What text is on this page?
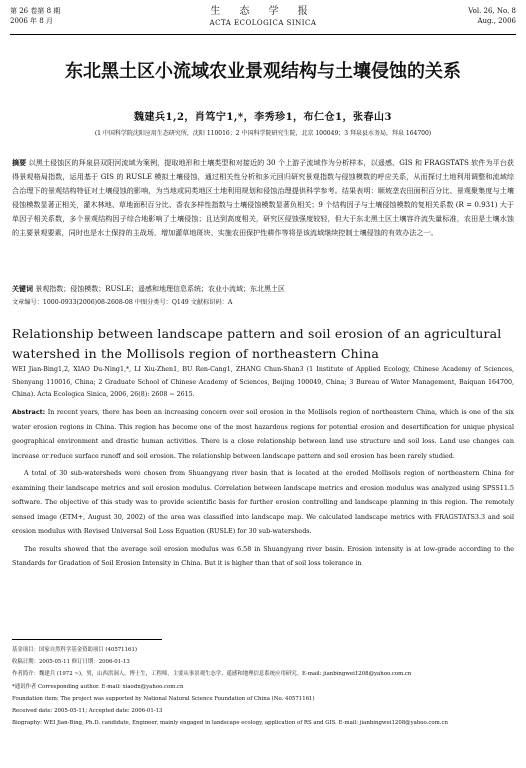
第 26 卷第 8 期
2006 年 8 月
生 态 学 报
ACTA ECOLOGICA SINICA
Vol. 26, No. 8
Aug., 2006
东北黑土区小流域农业景观结构与土壤侵蚀的关系
魏建兵1,2，肖笃宁1,*，李秀珍1，布仁仓1，张春山3
(1 中国科学院沈阳应用生态研究所，沈阳 110016；2 中国科学院研究生院，北京 100049；3 拜泉县水务局，拜泉 164700)
摘要 以黑土侵蚀区的拜泉县双阳河流域为案例，提取地形和土壤类型和对接近的 30 个上游子流域作为分析样本，以遥感、GIS 和 FRAGSTATS 软件为平台获得景观格局指数，运用基于 GIS 的 RUSLE 模拟土壤侵蚀，通过相关性分析和多元回归研究景观指数与侵蚀模数的呼应关系，从而探讨土地利用调整和流域综合治理下的景观结构特征对土壤侵蚀的影响，为当地或同类地区土地利用规划和侵蚀治理提供科学参考。结果表明：顺坡垄农田面积百分比、景观聚集度与土壤侵蚀模数显著正相关，灌木林地、草地面积百分比、香农多样性指数与土壤侵蚀模数显著负相关；9 个结构因子与土壤侵蚀模数的复相关系数 (R = 0.931) 大于单因子相关系数，多个景观结构因子综合地影响了土壤侵蚀；且达到高度相关，研究区侵蚀强度较轻，但大于东北黑土区土壤容许流失量标准，农田是土壤水蚀的主要景观要素，同时也是水土保持的主战场，增加灌草地斑块、实施农田保护性耕作等将是该流域继续控制土壤侵蚀的有效办法之一。
关键词 景观指数；侵蚀模数；RUSLE；遥感和地理信息系统；农业小流域；东北黑土区
文章编号：1000-0933(2006)08-2608-08 中图分类号：Q149 文献标识码：A
Relationship between landscape pattern and soil erosion of an agricultural watershed in the Mollisols region of northeastern China
WEI Jian-Bing1,2, XIAO Du-Ning1,*, LI Xiu-Zhen1, BU Ren-Cang1, ZHANG Chun-Shan3 (1 Institute of Applied Ecology, Chinese Academy of Sciences, Shenyang 110016, China; 2 Graduate School of Chinese Academy of Sciences, Beijing 100049, China; 3 Bureau of Water Management, Baiquan 164700, China). Acta Ecologica Sinica, 2006, 26(8): 2608 ~ 2615.

Abstract: In recent years, there has been an increasing concern over soil erosion in the Mollisols region of northeastern China, which is one of the six water erosion regions in China. This region has become one of the most hazardous regions for potential erosion and desertification for unique physical geographical environment and drastic human activities. There is a close relationship between land use structure and soil loss. Land use changes can increase or reduce surface runoff and soil erosion. The relationship between landscape pattern and soil erosion has been rarely studied.

A total of 30 sub-watersheds were chosen from Shuangyang river basin that is located at the eroded Mollisols region of northeastern China for examining their landscape metrics and soil erosion modulus. Correlation between landscape metrics and erosion modulus was analyzed using SPSS11.5 software. The objective of this study was to provide scientific basis for further erosion controlling and landscape planning in this region. The remotely sensed image (ETM+, August 30, 2002) of the area was classified into landscape map. We calculated landscape metrics with FRAGSTATS3.3 and soil erosion modulus with Revised Universal Soil Loss Equation (RUSLE) for 30 sub-watersheds.

The results showed that the average soil erosion modulus was 6.58 in Shuangyang river basin. Erosion intensity is at low-grade according to the Standards for Gradation of Soil Erosion Intensity in China. But it is higher than that of soil loss tolerance in

基金项目：国家自然科学基金资助项目 (40571161)
收稿日期：2005-05-11 修订日期：2006-01-13
作者简介：魏建兵 (1972 ~)，男，山西洪洞人，博士生，工程师，主要从事景观生态学、遥感和地理信息系统应用研究。E-mail: jianbingwei1208@yahoo.com.cn
*通讯作者 Corresponding author. E-mail: xiaodn@yahoo.com.cn
Foundation item: The project was supported by National Natural Science Foundation of China (No. 40571161)
Received date: 2005-05-11; Accepted date: 2006-01-13
Biography: WEI Jian-Bing, Ph.D. candidate, Engineer, mainly engaged in landscape ecology, application of RS and GIS. E-mail: jianbingwei1208@yahoo.com.cn
